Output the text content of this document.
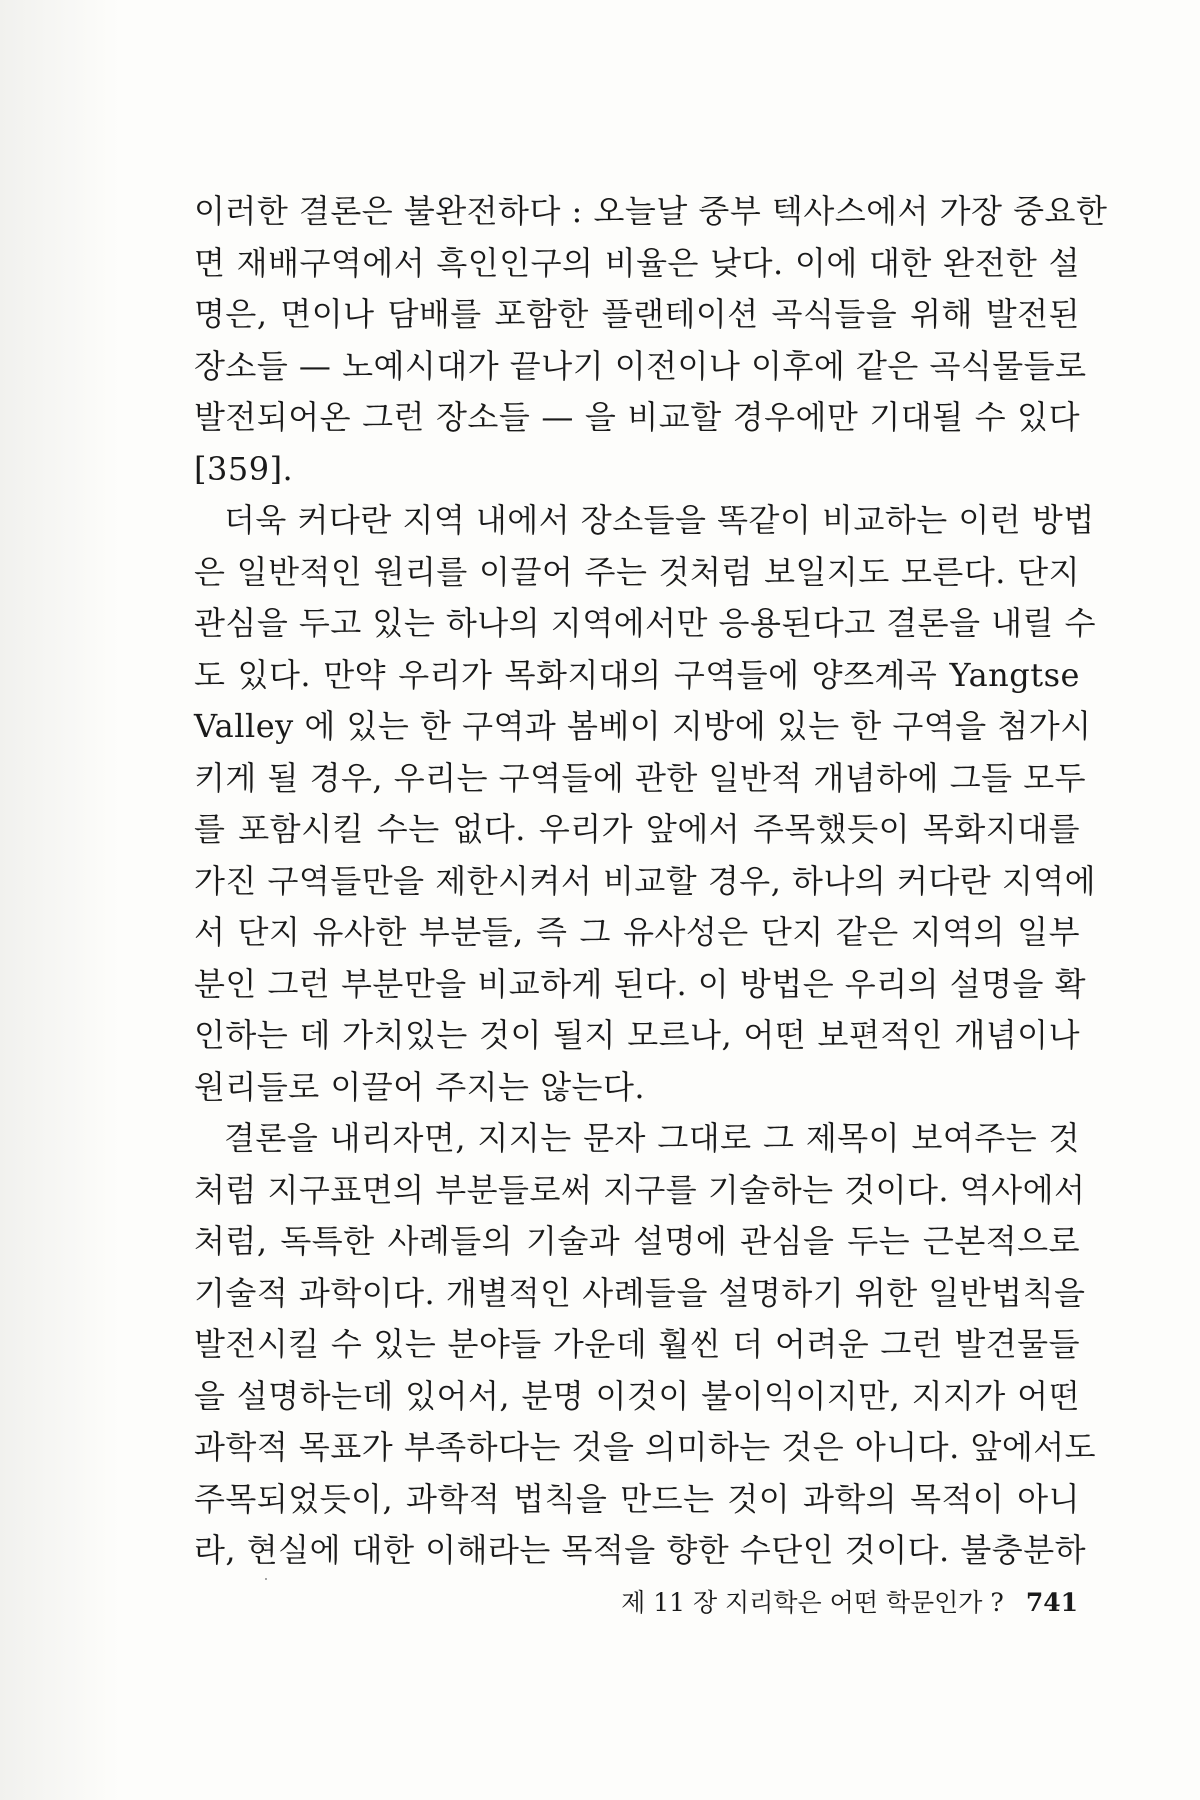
이러한 결론은 불완전하다 : 오늘날 중부 텍사스에서 가장 중요한
면 재배구역에서 흑인인구의 비율은 낮다. 이에 대한 완전한 설
명은, 면이나 담배를 포함한 플랜테이션 곡식들을 위해 발전된
장소들 — 노예시대가 끝나기 이전이나 이후에 같은 곡식물들로
발전되어온 그런 장소들 — 을 비교할 경우에만 기대될 수 있다
[359].
더욱 커다란 지역 내에서 장소들을 똑같이 비교하는 이런 방법
은 일반적인 원리를 이끌어 주는 것처럼 보일지도 모른다. 단지
관심을 두고 있는 하나의 지역에서만 응용된다고 결론을 내릴 수
도 있다. 만약 우리가 목화지대의 구역들에 양쯔계곡 Yangtse
Valley 에 있는 한 구역과 봄베이 지방에 있는 한 구역을 첨가시
키게 될 경우, 우리는 구역들에 관한 일반적 개념하에 그들 모두
를 포함시킬 수는 없다. 우리가 앞에서 주목했듯이 목화지대를
가진 구역들만을 제한시켜서 비교할 경우, 하나의 커다란 지역에
서 단지 유사한 부분들, 즉 그 유사성은 단지 같은 지역의 일부
분인 그런 부분만을 비교하게 된다. 이 방법은 우리의 설명을 확
인하는 데 가치있는 것이 될지 모르나, 어떤 보편적인 개념이나
원리들로 이끌어 주지는 않는다.
결론을 내리자면, 지지는 문자 그대로 그 제목이 보여주는 것
처럼 지구표면의 부분들로써 지구를 기술하는 것이다. 역사에서
처럼, 독특한 사례들의 기술과 설명에 관심을 두는 근본적으로
기술적 과학이다. 개별적인 사례들을 설명하기 위한 일반법칙을
발전시킬 수 있는 분야들 가운데 훨씬 더 어려운 그런 발견물들
을 설명하는데 있어서, 분명 이것이 불이익이지만, 지지가 어떤
과학적 목표가 부족하다는 것을 의미하는 것은 아니다. 앞에서도
주목되었듯이, 과학적 법칙을 만드는 것이 과학의 목적이 아니
라, 현실에 대한 이해라는 목적을 향한 수단인 것이다. 불충분하
제 11 장 지리학은 어떤 학문인가 ? 741
